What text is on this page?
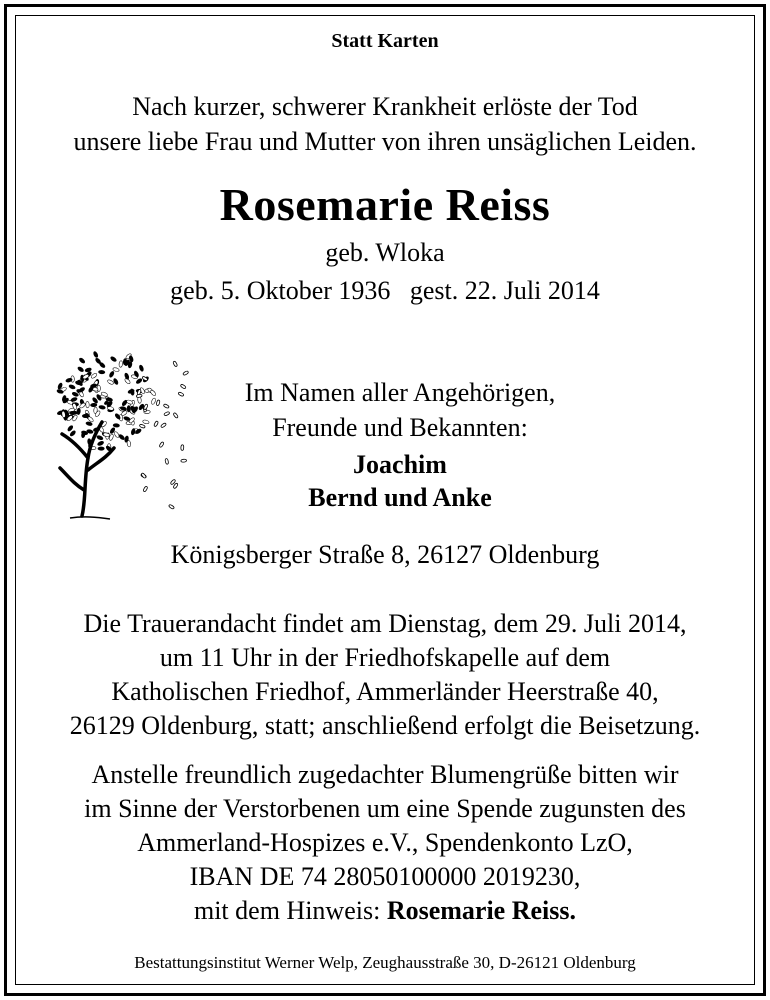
Statt Karten
Nach kurzer, schwerer Krankheit erlöste der Tod
unsere liebe Frau und Mutter von ihren unsäglichen Leiden.
Rosemarie Reiss
geb. Wloka
geb. 5. Oktober 1936   gest. 22. Juli 2014
Im Namen aller Angehörigen,
Freunde und Bekannten:
Joachim
Bernd und Anke
Königsberger Straße 8, 26127 Oldenburg
Die Trauerandacht findet am Dienstag, dem 29. Juli 2014,
um 11 Uhr in der Friedhofskapelle auf dem
Katholischen Friedhof, Ammerländer Heerstraße 40,
26129 Oldenburg, statt; anschließend erfolgt die Beisetzung.
Anstelle freundlich zugedachter Blumengrüße bitten wir
im Sinne der Verstorbenen um eine Spende zugunsten des
Ammerland-Hospizes e.V., Spendenkonto LzO,
IBAN DE 74 28050100000 2019230,
mit dem Hinweis: Rosemarie Reiss.
Bestattungsinstitut Werner Welp, Zeughausstraße 30, D-26121 Oldenburg
